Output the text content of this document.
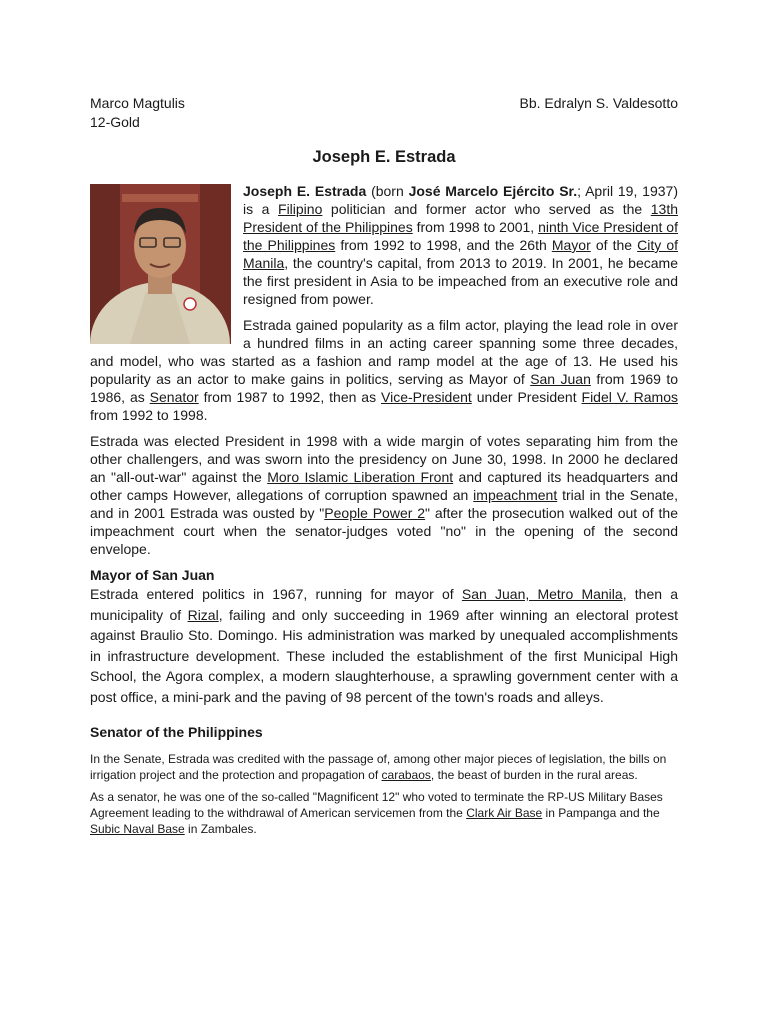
Marco Magtulis
12-Gold
Bb. Edralyn S. Valdesotto
Joseph E. Estrada

Joseph E. Estrada (born José Marcelo Ejército Sr.; April 19, 1937) is a Filipino politician and former actor who served as the 13th President of the Philippines from 1998 to 2001, ninth Vice President of the Philippines from 1992 to 1998, and the 26th Mayor of the City of Manila, the country's capital, from 2013 to 2019. In 2001, he became the first president in Asia to be impeached from an executive role and resigned from power.

Estrada gained popularity as a film actor, playing the lead role in over a hundred films in an acting career spanning some three decades, and model, who was started as a fashion and ramp model at the age of 13. He used his popularity as an actor to make gains in politics, serving as Mayor of San Juan from 1969 to 1986, as Senator from 1987 to 1992, then as Vice-President under President Fidel V. Ramos from 1992 to 1998.

Estrada was elected President in 1998 with a wide margin of votes separating him from the other challengers, and was sworn into the presidency on June 30, 1998. In 2000 he declared an "all-out-war" against the Moro Islamic Liberation Front and captured its headquarters and other camps However, allegations of corruption spawned an impeachment trial in the Senate, and in 2001 Estrada was ousted by "People Power 2" after the prosecution walked out of the impeachment court when the senator-judges voted "no" in the opening of the second envelope.

Mayor of San Juan

Estrada entered politics in 1967, running for mayor of San Juan, Metro Manila, then a municipality of Rizal, failing and only succeeding in 1969 after winning an electoral protest against Braulio Sto. Domingo. His administration was marked by unequaled accomplishments in infrastructure development. These included the establishment of the first Municipal High School, the Agora complex, a modern slaughterhouse, a sprawling government center with a post office, a mini-park and the paving of 98 percent of the town's roads and alleys.

Senator of the Philippines

In the Senate, Estrada was credited with the passage of, among other major pieces of legislation, the bills on irrigation project and the protection and propagation of carabaos, the beast of burden in the rural areas.

As a senator, he was one of the so-called "Magnificent 12" who voted to terminate the RP-US Military Bases Agreement leading to the withdrawal of American servicemen from the Clark Air Base in Pampanga and the Subic Naval Base in Zambales.
